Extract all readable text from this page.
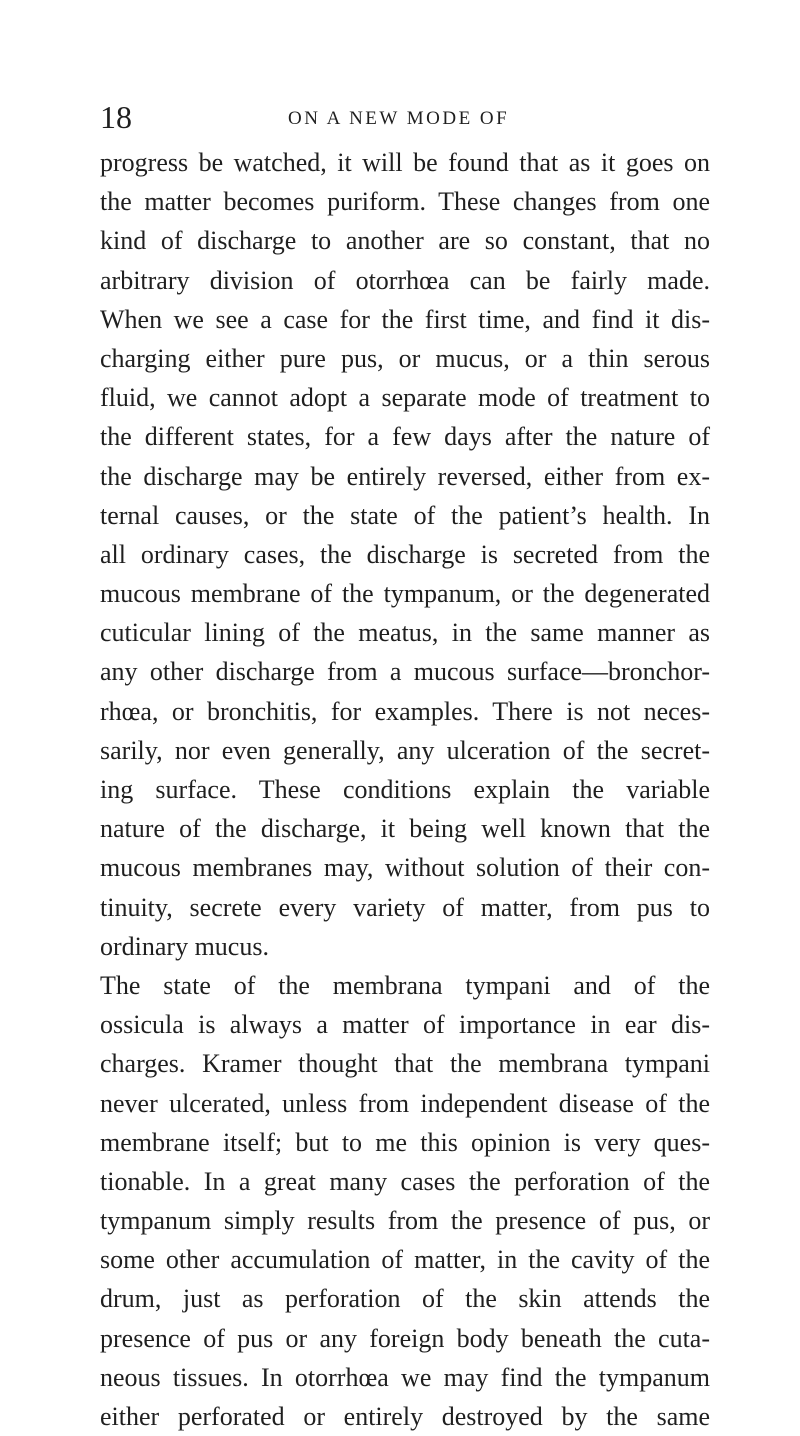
18	ON A NEW MODE OF
progress be watched, it will be found that as it goes on
the matter becomes puriform. These changes from one
kind of discharge to another are so constant, that no
arbitrary division of otorrhœa can be fairly made.
When we see a case for the first time, and find it dis-
charging either pure pus, or mucus, or a thin serous
fluid, we cannot adopt a separate mode of treatment to
the different states, for a few days after the nature of
the discharge may be entirely reversed, either from ex-
ternal causes, or the state of the patient’s health. In
all ordinary cases, the discharge is secreted from the
mucous membrane of the tympanum, or the degenerated
cuticular lining of the meatus, in the same manner as
any other discharge from a mucous surface—bronchor-
rhœa, or bronchitis, for examples. There is not neces-
sarily, nor even generally, any ulceration of the secret-
ing surface. These conditions explain the variable
nature of the discharge, it being well known that the
mucous membranes may, without solution of their con-
tinuity, secrete every variety of matter, from pus to
ordinary mucus.
The state of the membrana tympani and of the
ossicula is always a matter of importance in ear dis-
charges. Kramer thought that the membrana tympani
never ulcerated, unless from independent disease of the
membrane itself; but to me this opinion is very ques-
tionable. In a great many cases the perforation of the
tympanum simply results from the presence of pus, or
some other accumulation of matter, in the cavity of the
drum, just as perforation of the skin attends the
presence of pus or any foreign body beneath the cuta-
neous tissues. In otorrhœa we may find the tympanum
either perforated or entirely destroyed by the same
